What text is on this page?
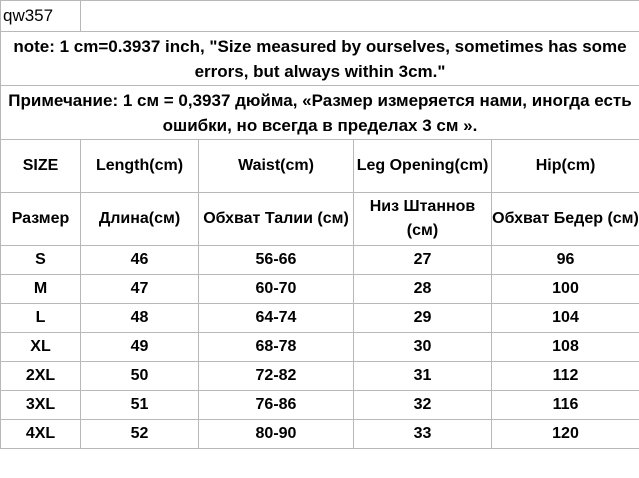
qw357				
note: 1 cm=0.3937 inch, "Size measured by ourselves, sometimes has some errors, but always within 3cm."				
Примечание: 1 см = 0,3937 дюйма, «Размер измеряется нами, иногда есть ошибки, но всегда в пределах 3 см ».				
SIZE	Length(cm)	Waist(cm)	Leg Opening(cm)	Hip(cm)
Размер	Длина(см)	Обхват Талии (см)	Низ Штаннов (см)	Обхват Бедер (см)
S	46	56-66	27	96
M	47	60-70	28	100
L	48	64-74	29	104
XL	49	68-78	30	108
2XL	50	72-82	31	112
3XL	51	76-86	32	116
4XL	52	80-90	33	120
